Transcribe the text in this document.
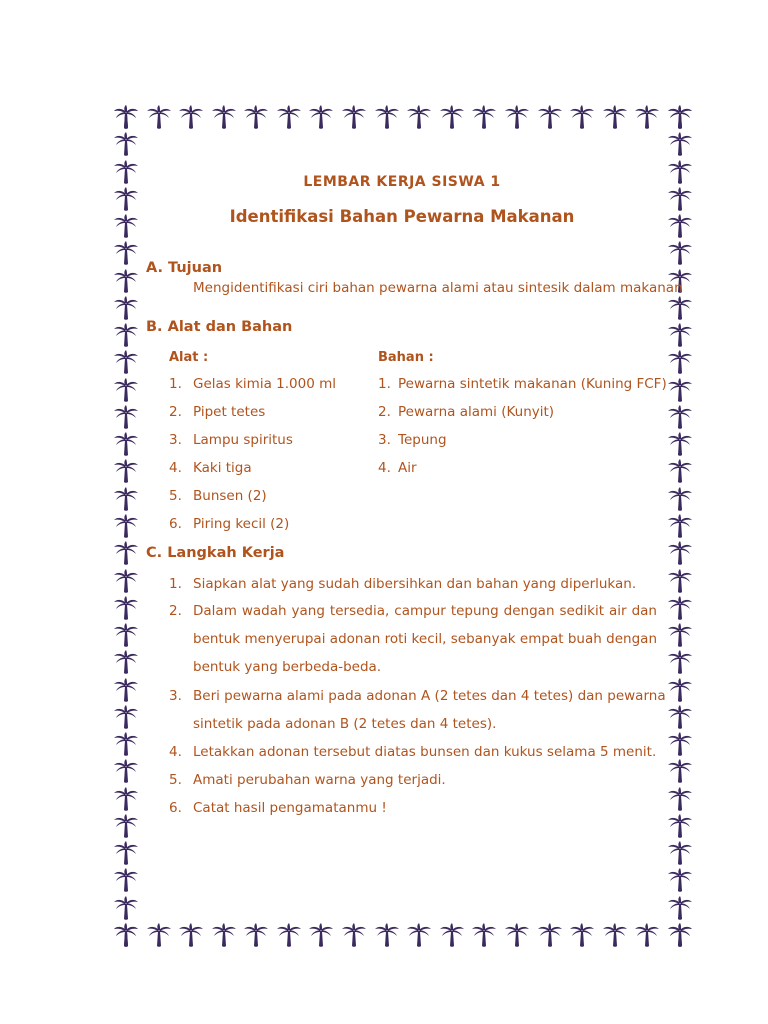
LEMBAR KERJA SISWA 1
Identifikasi Bahan Pewarna Makanan
A. Tujuan
Mengidentifikasi ciri bahan pewarna alami atau sintesik dalam makanan
B. Alat dan Bahan
Alat :	Bahan :
1. Gelas kimia 1.000 ml
2. Pipet tetes
3. Lampu spiritus
4. Kaki tiga
5. Bunsen (2)
6. Piring kecil (2)
1. Pewarna sintetik makanan (Kuning FCF)
2. Pewarna alami (Kunyit)
3. Tepung
4. Air
C. Langkah Kerja
1. Siapkan alat yang sudah dibersihkan dan bahan yang diperlukan.
2. Dalam wadah yang tersedia, campur tepung dengan sedikit air dan
bentuk menyerupai adonan roti kecil, sebanyak empat buah dengan
bentuk yang berbeda-beda.
3. Beri pewarna alami pada adonan A (2 tetes dan 4 tetes) dan pewarna
sintetik pada adonan B (2 tetes dan 4 tetes).
4. Letakkan adonan tersebut diatas bunsen dan kukus selama 5 menit.
5. Amati perubahan warna yang terjadi.
6. Catat hasil pengamatanmu !
